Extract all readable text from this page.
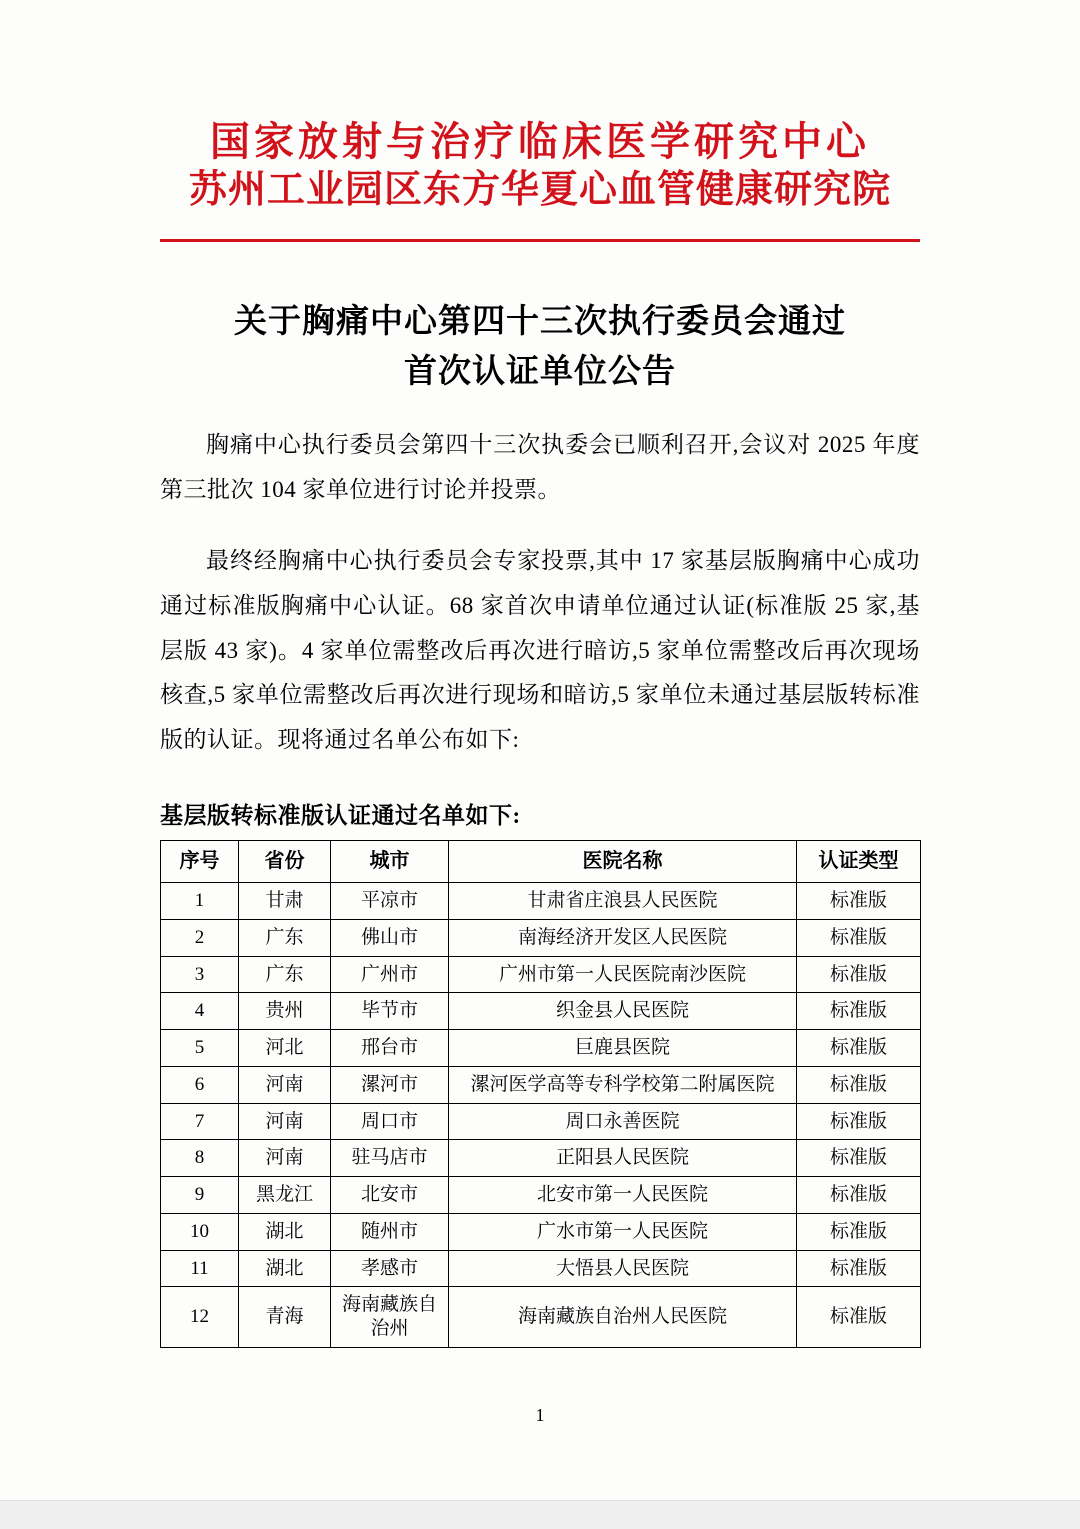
国家放射与治疗临床医学研究中心
苏州工业园区东方华夏心血管健康研究院
关于胸痛中心第四十三次执行委员会通过
首次认证单位公告

胸痛中心执行委员会第四十三次执委会已顺利召开,会议对 2025 年度第三批次 104 家单位进行讨论并投票。

最终经胸痛中心执行委员会专家投票,其中 17 家基层版胸痛中心成功通过标准版胸痛中心认证。68 家首次申请单位通过认证(标准版 25 家,基层版 43 家)。4 家单位需整改后再次进行暗访,5 家单位需整改后再次现场核查,5 家单位需整改后再次进行现场和暗访,5 家单位未通过基层版转标准版的认证。现将通过名单公布如下:

基层版转标准版认证通过名单如下:
序号	省份	城市	医院名称	认证类型
1	甘肃	平凉市	甘肃省庄浪县人民医院	标准版
2	广东	佛山市	南海经济开发区人民医院	标准版
3	广东	广州市	广州市第一人民医院南沙医院	标准版
4	贵州	毕节市	织金县人民医院	标准版
5	河北	邢台市	巨鹿县医院	标准版
6	河南	漯河市	漯河医学高等专科学校第二附属医院	标准版
7	河南	周口市	周口永善医院	标准版
8	河南	驻马店市	正阳县人民医院	标准版
9	黑龙江	北安市	北安市第一人民医院	标准版
10	湖北	随州市	广水市第一人民医院	标准版
11	湖北	孝感市	大悟县人民医院	标准版
12	青海	海南藏族自治州	海南藏族自治州人民医院	标准版
1
